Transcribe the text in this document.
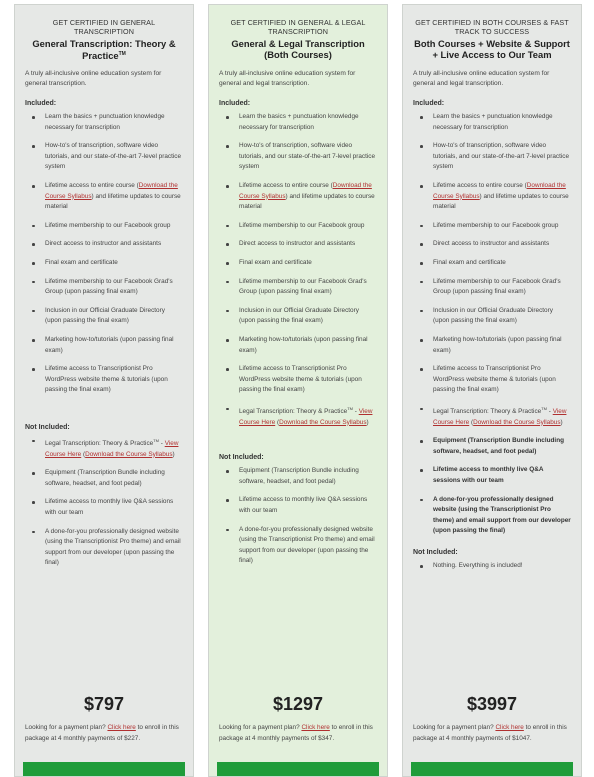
GET CERTIFIED IN GENERAL TRANSCRIPTION
General Transcription: Theory & Practice™
A truly all-inclusive online education system for general transcription.
Included:
Learn the basics + punctuation knowledge necessary for transcription
How-to's of transcription, software video tutorials, and our state-of-the-art 7-level practice system
Lifetime access to entire course (Download the Course Syllabus) and lifetime updates to course material
Lifetime membership to our Facebook group
Direct access to instructor and assistants
Final exam and certificate
Lifetime membership to our Facebook Grad's Group (upon passing final exam)
Inclusion in our Official Graduate Directory (upon passing the final exam)
Marketing how-to/tutorials (upon passing final exam)
Lifetime access to Transcriptionist Pro WordPress website theme & tutorials (upon passing the final exam)
Not Included:
Legal Transcription: Theory & Practice™ - View Course Here (Download the Course Syllabus)
Equipment (Transcription Bundle including software, headset, and foot pedal)
Lifetime access to monthly live Q&A sessions with our team
A done-for-you professionally designed website (using the Transcriptionist Pro theme) and email support from our developer (upon passing the final)
$797
Looking for a payment plan? Click here to enroll in this package at 4 monthly payments of $227.
GET CERTIFIED IN GENERAL & LEGAL TRANSCRIPTION
General & Legal Transcription (Both Courses)
A truly all-inclusive online education system for general and legal transcription.
Included:
Learn the basics + punctuation knowledge necessary for transcription
How-to's of transcription, software video tutorials, and our state-of-the-art 7-level practice system
Lifetime access to entire course (Download the Course Syllabus) and lifetime updates to course material
Lifetime membership to our Facebook group
Direct access to instructor and assistants
Final exam and certificate
Lifetime membership to our Facebook Grad's Group (upon passing final exam)
Inclusion in our Official Graduate Directory (upon passing the final exam)
Marketing how-to/tutorials (upon passing final exam)
Lifetime access to Transcriptionist Pro WordPress website theme & tutorials (upon passing the final exam)
Legal Transcription: Theory & Practice™ - View Course Here (Download the Course Syllabus)
Not Included:
Equipment (Transcription Bundle including software, headset, and foot pedal)
Lifetime access to monthly live Q&A sessions with our team
A done-for-you professionally designed website (using the Transcriptionist Pro theme) and email support from our developer (upon passing the final)
$1297
Looking for a payment plan? Click here to enroll in this package at 4 monthly payments of $347.
GET CERTIFIED IN BOTH COURSES & FAST TRACK TO SUCCESS
Both Courses + Website & Support + Live Access to Our Team
A truly all-inclusive online education system for general and legal transcription.
Included:
Learn the basics + punctuation knowledge necessary for transcription
How-to's of transcription, software video tutorials, and our state-of-the-art 7-level practice system
Lifetime access to entire course (Download the Course Syllabus) and lifetime updates to course material
Lifetime membership to our Facebook group
Direct access to instructor and assistants
Final exam and certificate
Lifetime membership to our Facebook Grad's Group (upon passing final exam)
Inclusion in our Official Graduate Directory (upon passing the final exam)
Marketing how-to/tutorials (upon passing final exam)
Lifetime access to Transcriptionist Pro WordPress website theme & tutorials (upon passing the final exam)
Legal Transcription: Theory & Practice™ - View Course Here (Download the Course Syllabus)
Equipment (Transcription Bundle including software, headset, and foot pedal)
Lifetime access to monthly live Q&A sessions with our team
A done-for-you professionally designed website (using the Transcriptionist Pro theme) and email support from our developer (upon passing the final)
Not Included:
Nothing. Everything is included!
$3997
Looking for a payment plan? Click here to enroll in this package at 4 monthly payments of $1047.
